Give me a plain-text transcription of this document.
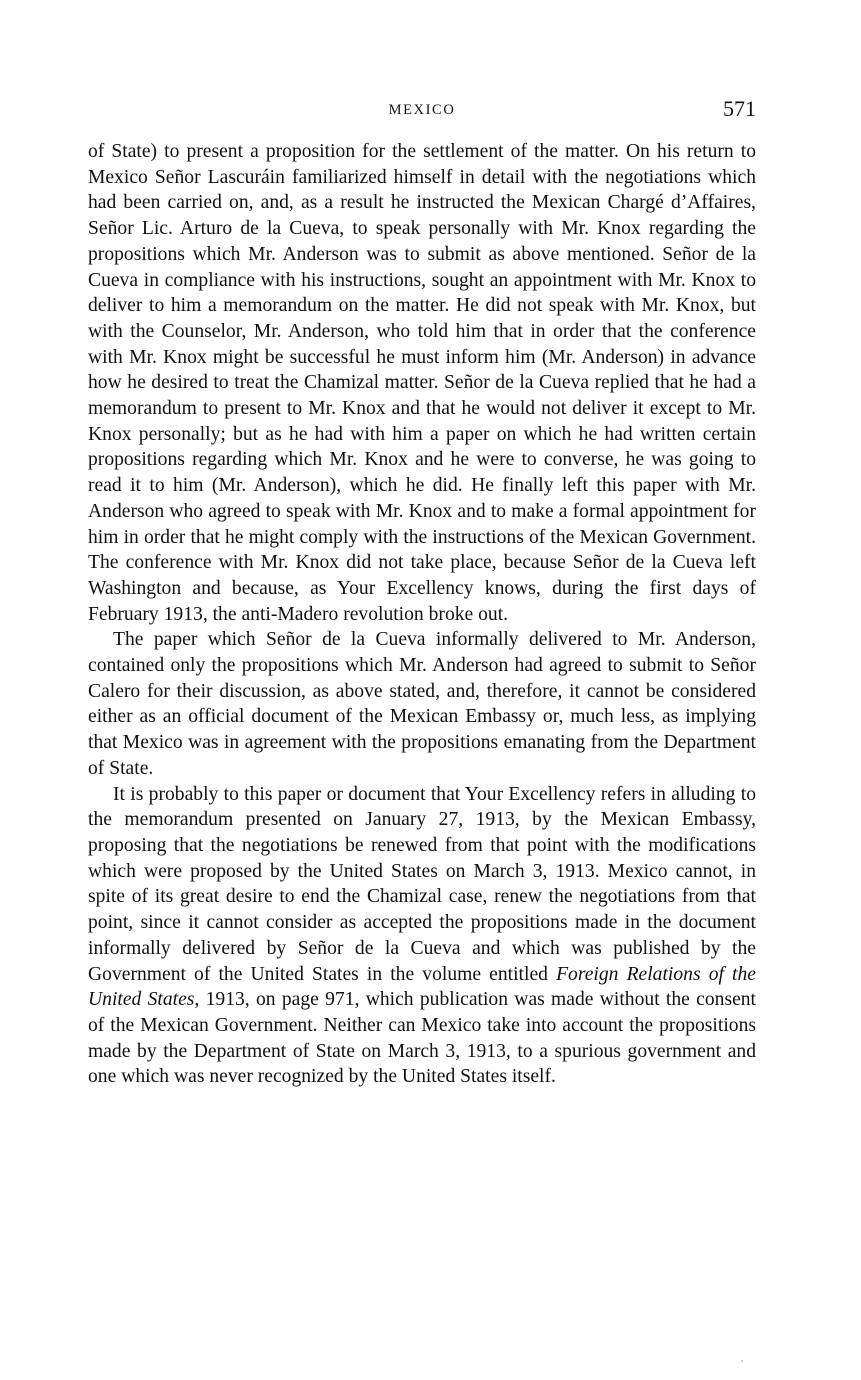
MEXICO	571

of State) to present a proposition for the settlement of the matter. On his return to Mexico Señor Lascuráin familiarized himself in detail with the negotiations which had been carried on, and, as a result he instructed the Mexican Chargé d’Affaires, Señor Lic. Arturo de la Cueva, to speak personally with Mr. Knox regarding the propositions which Mr. Anderson was to submit as above mentioned. Señor de la Cueva in compliance with his instructions, sought an appointment with Mr. Knox to deliver to him a memorandum on the matter. He did not speak with Mr. Knox, but with the Counselor, Mr. Anderson, who told him that in order that the conference with Mr. Knox might be successful he must inform him (Mr. Anderson) in advance how he desired to treat the Chamizal matter. Señor de la Cueva replied that he had a memorandum to present to Mr. Knox and that he would not deliver it except to Mr. Knox personally; but as he had with him a paper on which he had written certain propositions regarding which Mr. Knox and he were to converse, he was going to read it to him (Mr. Anderson), which he did. He finally left this paper with Mr. Anderson who agreed to speak with Mr. Knox and to make a formal appointment for him in order that he might comply with the instructions of the Mexican Government. The conference with Mr. Knox did not take place, because Señor de la Cueva left Washington and because, as Your Excellency knows, during the first days of February 1913, the anti-Madero revolution broke out.

The paper which Señor de la Cueva informally delivered to Mr. Anderson, contained only the propositions which Mr. Anderson had agreed to submit to Señor Calero for their discussion, as above stated, and, therefore, it cannot be considered either as an official document of the Mexican Embassy or, much less, as implying that Mexico was in agreement with the propositions emanating from the Department of State.

It is probably to this paper or document that Your Excellency refers in alluding to the memorandum presented on January 27, 1913, by the Mexican Embassy, proposing that the negotiations be renewed from that point with the modifications which were proposed by the United States on March 3, 1913. Mexico cannot, in spite of its great desire to end the Chamizal case, renew the negotiations from that point, since it cannot consider as accepted the propositions made in the document informally delivered by Señor de la Cueva and which was published by the Government of the United States in the volume entitled Foreign Relations of the United States, 1913, on page 971, which publication was made without the consent of the Mexican Government. Neither can Mexico take into account the propositions made by the Department of State on March 3, 1913, to a spurious government and one which was never recognized by the United States itself.
